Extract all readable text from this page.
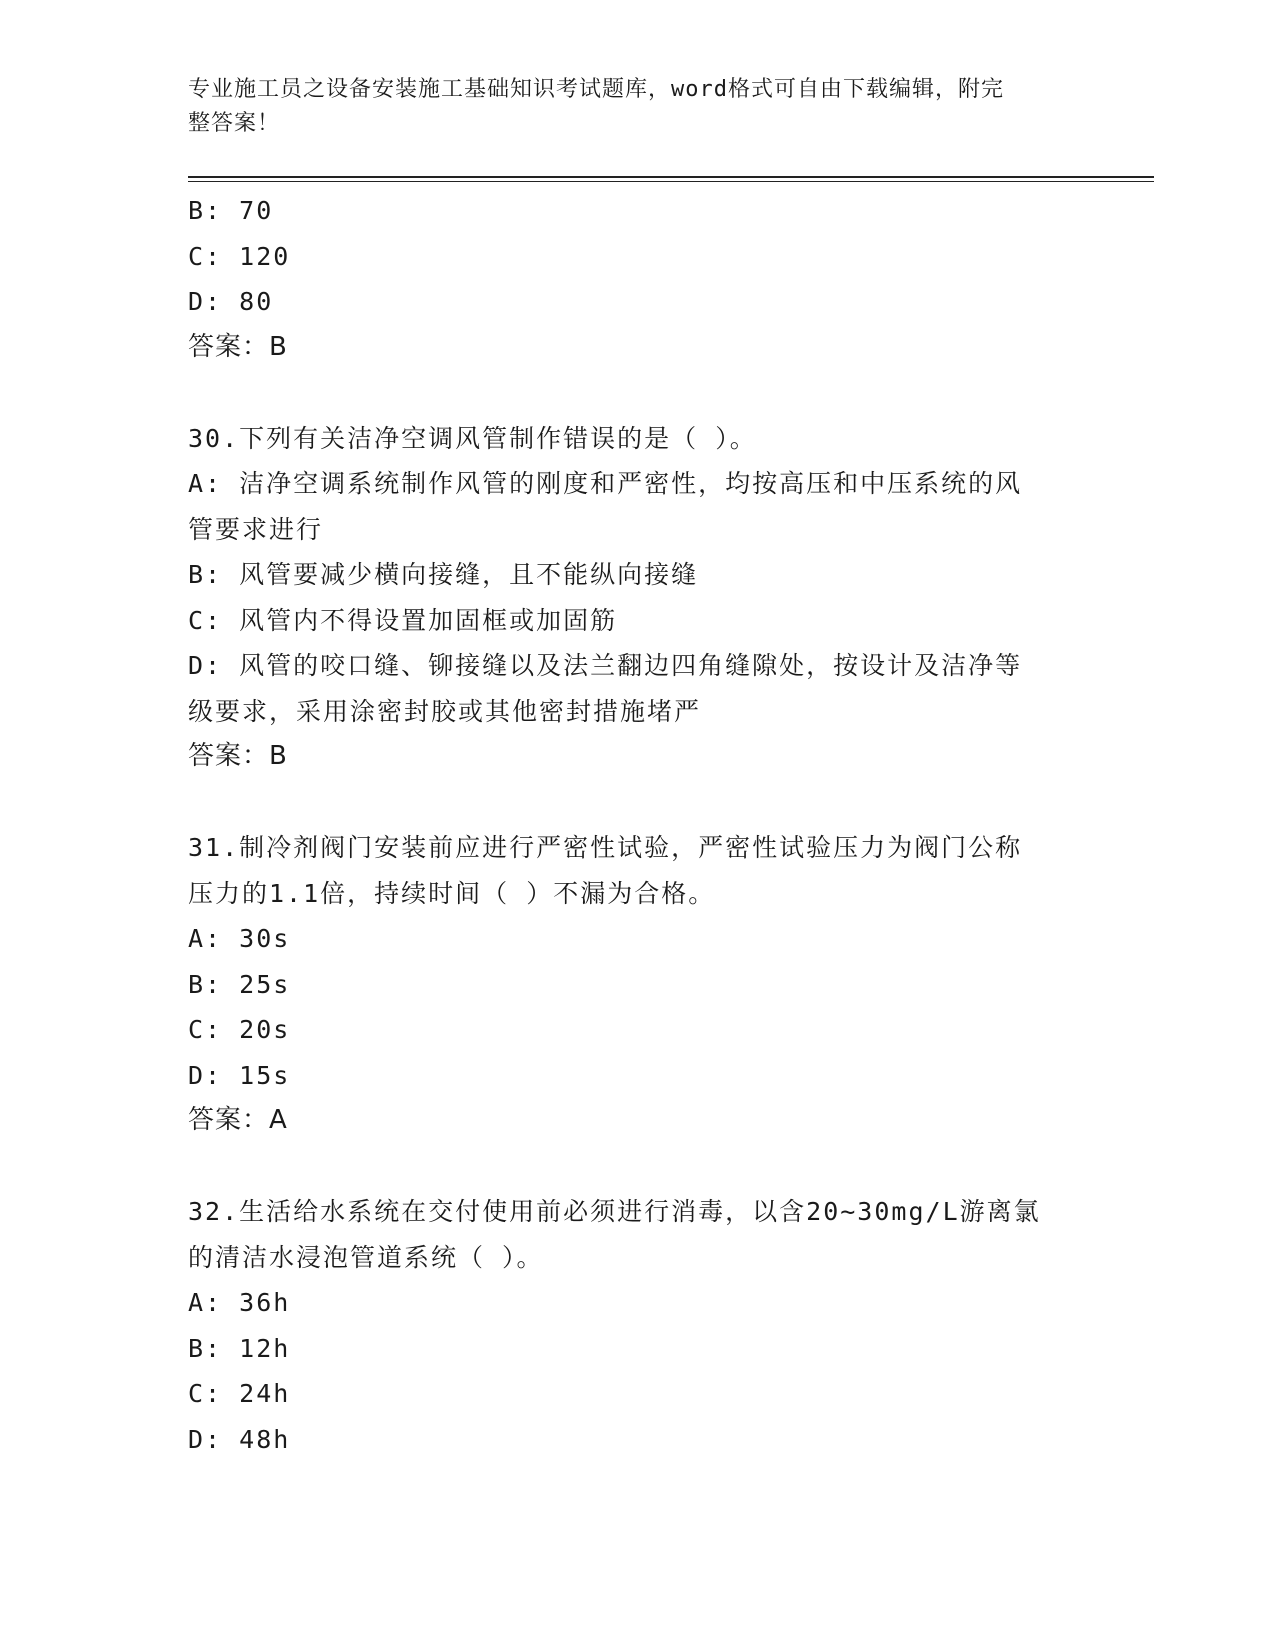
专业施工员之设备安装施工基础知识考试题库，word格式可自由下载编辑，附完
整答案！
B: 70
C: 120
D: 80
答案：B
30.下列有关洁净空调风管制作错误的是（ ）。
A: 洁净空调系统制作风管的刚度和严密性，均按高压和中压系统的风
管要求进行
B: 风管要减少横向接缝，且不能纵向接缝
C: 风管内不得设置加固框或加固筋
D: 风管的咬口缝、铆接缝以及法兰翻边四角缝隙处，按设计及洁净等
级要求，采用涂密封胶或其他密封措施堵严
答案：B
31.制冷剂阀门安装前应进行严密性试验，严密性试验压力为阀门公称
压力的1.1倍，持续时间（ ）不漏为合格。
A: 30s
B: 25s
C: 20s
D: 15s
答案：A
32.生活给水系统在交付使用前必须进行消毒，以含20~30mg/L游离氯
的清洁水浸泡管道系统（ ）。
A: 36h
B: 12h
C: 24h
D: 48h
